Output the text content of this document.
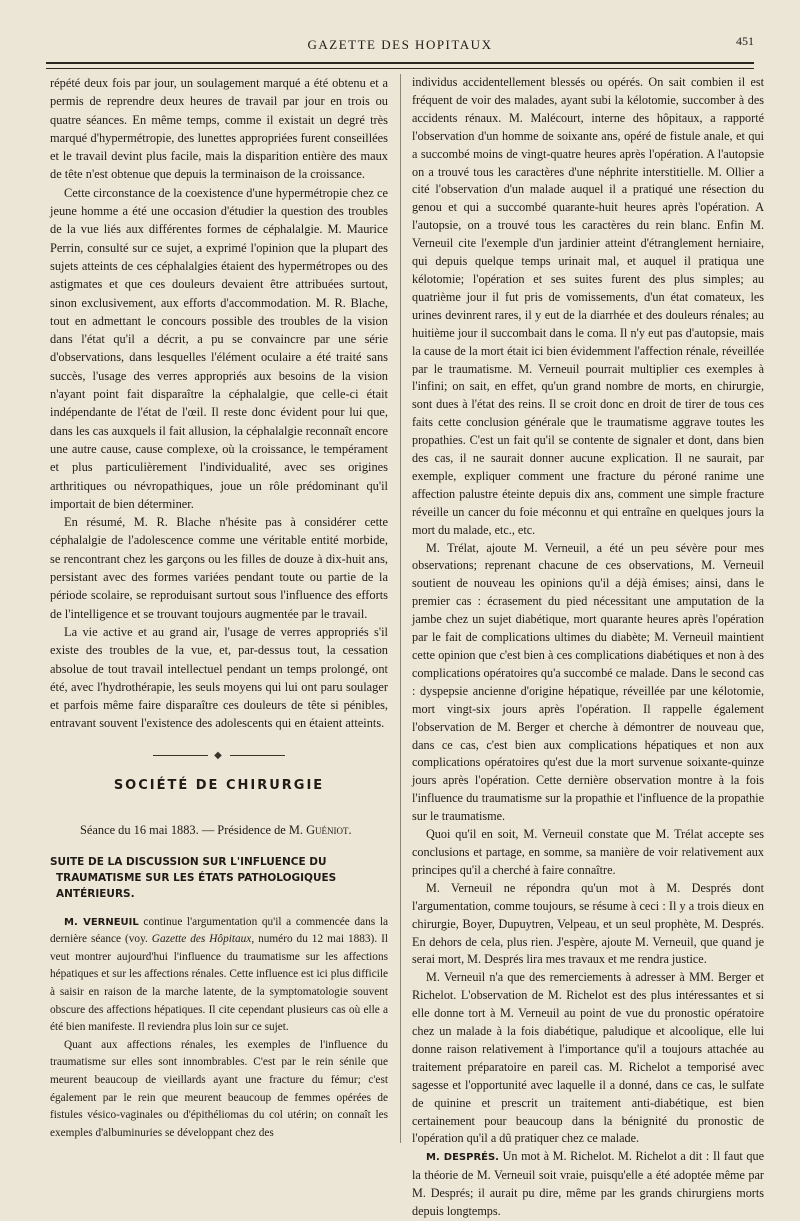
GAZETTE DES HOPITAUX	451

répété deux fois par jour, un soulagement marqué a été obtenu et a permis de reprendre deux heures de travail par jour en trois ou quatre séances. En même temps, comme il existait un degré très marqué d'hypermétropie, des lunettes appropriées furent conseillées et le travail devint plus facile, mais la disparition entière des maux de tête n'est obtenue que depuis la terminaison de la croissance.

Cette circonstance de la coexistence d'une hypermétropie chez ce jeune homme a été une occasion d'étudier la question des troubles de la vue liés aux différentes formes de céphalalgie. M. Maurice Perrin, consulté sur ce sujet, a exprimé l'opinion que la plupart des sujets atteints de ces céphalalgies étaient des hypermétropes ou des astigmates et que ces douleurs devaient être attribuées surtout, sinon exclusivement, aux efforts d'accommodation. M. R. Blache, tout en admettant le concours possible des troubles de la vision dans l'état qu'il a décrit, a pu se convaincre par une série d'observations, dans lesquelles l'élément oculaire a été traité sans succès, l'usage des verres appropriés aux besoins de la vision n'ayant point fait disparaître la céphalalgie, que celle-ci était indépendante de l'état de l'œil. Il reste donc évident pour lui que, dans les cas auxquels il fait allusion, la céphalalgie reconnaît encore une autre cause, cause complexe, où la croissance, le tempérament et plus particulièrement l'individualité, avec ses origines arthritiques ou névropathiques, joue un rôle prédominant qu'il importait de bien déterminer.

En résumé, M. R. Blache n'hésite pas à considérer cette céphalalgie de l'adolescence comme une véritable entité morbide, se rencontrant chez les garçons ou les filles de douze à dix-huit ans, persistant avec des formes variées pendant toute ou partie de la période scolaire, se reproduisant surtout sous l'influence des efforts de l'intelligence et se trouvant toujours augmentée par le travail.

La vie active et au grand air, l'usage de verres appropriés s'il existe des troubles de la vue, et, par-dessus tout, la cessation absolue de tout travail intellectuel pendant un temps prolongé, ont été, avec l'hydrothérapie, les seuls moyens qui lui ont paru soulager et parfois même faire disparaître ces douleurs de tête si pénibles, entravant souvent l'existence des adolescents qui en étaient atteints.

◆
SOCIÉTÉ DE CHIRURGIE

Séance du 16 mai 1883. — Présidence de M. Guéniot.

SUITE DE LA DISCUSSION SUR L'INFLUENCE DU TRAUMATISME SUR LES ÉTATS PATHOLOGIQUES ANTÉRIEURS.

M. VERNEUIL continue l'argumentation qu'il a commencée dans la dernière séance (voy. Gazette des Hôpitaux, numéro du 12 mai 1883). Il veut montrer aujourd'hui l'influence du traumatisme sur les affections hépatiques et sur les affections rénales. Cette influence est ici plus difficile à saisir en raison de la marche latente, de la symptomatologie souvent obscure des affections hépatiques. Il cite cependant plusieurs cas où elle a été bien manifeste. Il reviendra plus loin sur ce sujet.

Quant aux affections rénales, les exemples de l'influence du traumatisme sur elles sont innombrables. C'est par le rein sénile que meurent beaucoup de vieillards ayant une fracture du fémur; c'est également par le rein que meurent beaucoup de femmes opérées de fistules vésico-vaginales ou d'épithéliomas du col utérin; on connaît les exemples d'albuminuries se développant chez des

individus accidentellement blessés ou opérés. On sait combien il est fréquent de voir des malades, ayant subi la kélotomie, succomber à des accidents rénaux. M. Malécourt, interne des hôpitaux, a rapporté l'observation d'un homme de soixante ans, opéré de fistule anale, et qui a succombé moins de vingt-quatre heures après l'opération. A l'autopsie on a trouvé tous les caractères d'une néphrite interstitielle. M. Ollier a cité l'observation d'un malade auquel il a pratiqué une résection du genou et qui a succombé quarante-huit heures après l'opération. A l'autopsie, on a trouvé tous les caractères du rein blanc. Enfin M. Verneuil cite l'exemple d'un jardinier atteint d'étranglement herniaire, qui depuis quelque temps urinait mal, et auquel il pratiqua une kélotomie; l'opération et ses suites furent des plus simples; au quatrième jour il fut pris de vomissements, d'un état comateux, les urines devinrent rares, il y eut de la diarrhée et des douleurs rénales; au huitième jour il succombait dans le coma. Il n'y eut pas d'autopsie, mais la cause de la mort était ici bien évidemment l'affection rénale, réveillée par le traumatisme. M. Verneuil pourrait multiplier ces exemples à l'infini; on sait, en effet, qu'un grand nombre de morts, en chirurgie, sont dues à l'état des reins. Il se croit donc en droit de tirer de tous ces faits cette conclusion générale que le traumatisme aggrave toutes les propathies. C'est un fait qu'il se contente de signaler et dont, dans bien des cas, il ne saurait donner aucune explication. Il ne saurait, par exemple, expliquer comment une fracture du péroné ranime une affection palustre éteinte depuis dix ans, comment une simple fracture réveille un cancer du foie méconnu et qui entraîne en quelques jours la mort du malade, etc., etc.

M. Trélat, ajoute M. Verneuil, a été un peu sévère pour mes observations; reprenant chacune de ces observations, M. Verneuil soutient de nouveau les opinions qu'il a déjà émises; ainsi, dans le premier cas : écrasement du pied nécessitant une amputation de la jambe chez un sujet diabétique, mort quarante heures après l'opération par le fait de complications ultimes du diabète; M. Verneuil maintient cette opinion que c'est bien à ces complications diabétiques et non à des complications opératoires qu'a succombé ce malade. Dans le second cas : dyspepsie ancienne d'origine hépatique, réveillée par une kélotomie, mort vingt-six jours après l'opération. Il rappelle également l'observation de M. Berger et cherche à démontrer de nouveau que, dans ce cas, c'est bien aux complications hépatiques et non aux complications opératoires qu'est due la mort survenue soixante-quinze jours après l'opération. Cette dernière observation montre à la fois l'influence du traumatisme sur la propathie et l'influence de la propathie sur le traumatisme.

Quoi qu'il en soit, M. Verneuil constate que M. Trélat accepte ses conclusions et partage, en somme, sa manière de voir relativement aux principes qu'il a cherché à faire connaître.

M. Verneuil ne répondra qu'un mot à M. Després dont l'argumentation, comme toujours, se résume à ceci : Il y a trois dieux en chirurgie, Boyer, Dupuytren, Velpeau, et un seul prophète, M. Després. En dehors de cela, plus rien. J'espère, ajoute M. Verneuil, que quand je serai mort, M. Després lira mes travaux et me rendra justice.

M. Verneuil n'a que des remerciements à adresser à MM. Berger et Richelot. L'observation de M. Richelot est des plus intéressantes et si elle donne tort à M. Verneuil au point de vue du pronostic opératoire chez un malade à la fois diabétique, paludique et alcoolique, elle lui donne raison relativement à l'importance qu'il a toujours attachée au traitement préparatoire en pareil cas. M. Richelot a temporisé avec sagesse et l'opportunité avec laquelle il a donné, dans ce cas, le sulfate de quinine et prescrit un traitement anti-diabétique, est bien certainement pour beaucoup dans la bénignité du pronostic de l'opération qu'il a dû pratiquer chez ce malade.

M. DESPRÉS. Un mot à M. Richelot. M. Richelot a dit : Il faut que la théorie de M. Verneuil soit vraie, puisqu'elle a été adoptée même par M. Després; il aurait pu dire, même par les grands chirurgiens morts depuis longtemps.
